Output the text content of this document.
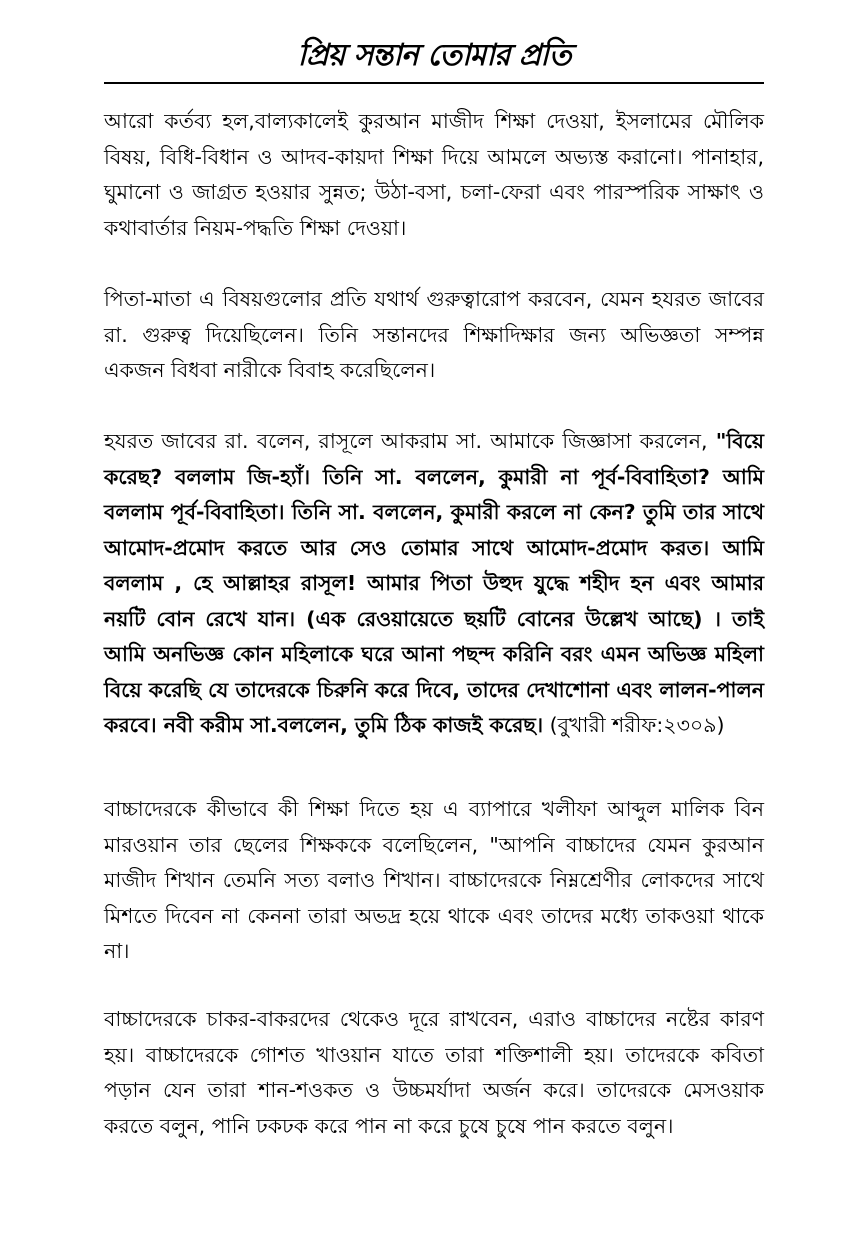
প্রিয় সন্তান তোমার প্রতি

আরো কর্তব্য হল,বাল্যকালেই কুরআন মাজীদ শিক্ষা দেওয়া, ইসলামের মৌলিক বিষয়, বিধি-বিধান ও আদব-কায়দা শিক্ষা দিয়ে আমলে অভ্যস্ত করানো। পানাহার, ঘুমানো ও জাগ্রত হওয়ার সুন্নত; উঠা-বসা, চলা-ফেরা এবং পারস্পরিক সাক্ষাৎ ও কথাবার্তার নিয়ম-পদ্ধতি শিক্ষা দেওয়া।

পিতা-মাতা এ বিষয়গুলোর প্রতি যথার্থ গুরুত্বারোপ করবেন, যেমন হযরত জাবের রা. গুরুত্ব দিয়েছিলেন। তিনি সন্তানদের শিক্ষাদিক্ষার জন্য অভিজ্ঞতা সম্পন্ন একজন বিধবা নারীকে বিবাহ করেছিলেন।

হযরত জাবের রা. বলেন, রাসূলে আকরাম সা. আমাকে জিজ্ঞাসা করলেন, "বিয়ে করেছ? বললাম জি-হ্যাঁ। তিনি সা. বললেন, কুমারী না পূর্ব-বিবাহিতা? আমি বললাম পূর্ব-বিবাহিতা। তিনি সা. বললেন, কুমারী করলে না কেন? তুমি তার সাথে আমোদ-প্রমোদ করতে আর সেও তোমার সাথে আমোদ-প্রমোদ করত। আমি বললাম , হে আল্লাহর রাসূল! আমার পিতা উহুদ যুদ্ধে শহীদ হন এবং আমার নয়টি বোন রেখে যান। (এক রেওয়ায়েতে ছয়টি বোনের উল্লেখ আছে) । তাই আমি অনভিজ্ঞ কোন মহিলাকে ঘরে আনা পছন্দ করিনি বরং এমন অভিজ্ঞ মহিলা বিয়ে করেছি যে তাদেরকে চিরুনি করে দিবে, তাদের দেখাশোনা এবং লালন-পালন করবে। নবী করীম সা.বললেন, তুমি ঠিক কাজই করেছ। (বুখারী শরীফ:২৩০৯)

বাচ্চাদেরকে কীভাবে কী শিক্ষা দিতে হয় এ ব্যাপারে খলীফা আব্দুল মালিক বিন মারওয়ান তার ছেলের শিক্ষককে বলেছিলেন, "আপনি বাচ্চাদের যেমন কুরআন মাজীদ শিখান তেমনি সত্য বলাও শিখান। বাচ্চাদেরকে নিম্নশ্রেণীর লোকদের সাথে মিশতে দিবেন না কেননা তারা অভদ্র হয়ে থাকে এবং তাদের মধ্যে তাকওয়া থাকে না।

বাচ্চাদেরকে চাকর-বাকরদের থেকেও দূরে রাখবেন, এরাও বাচ্চাদের নষ্টের কারণ হয়। বাচ্চাদেরকে গোশত খাওয়ান যাতে তারা শক্তিশালী হয়। তাদেরকে কবিতা পড়ান যেন তারা শান-শওকত ও উচ্চমর্যাদা অর্জন করে। তাদেরকে মেসওয়াক করতে বলুন, পানি ঢকঢক করে পান না করে চুষে চুষে পান করতে বলুন।
